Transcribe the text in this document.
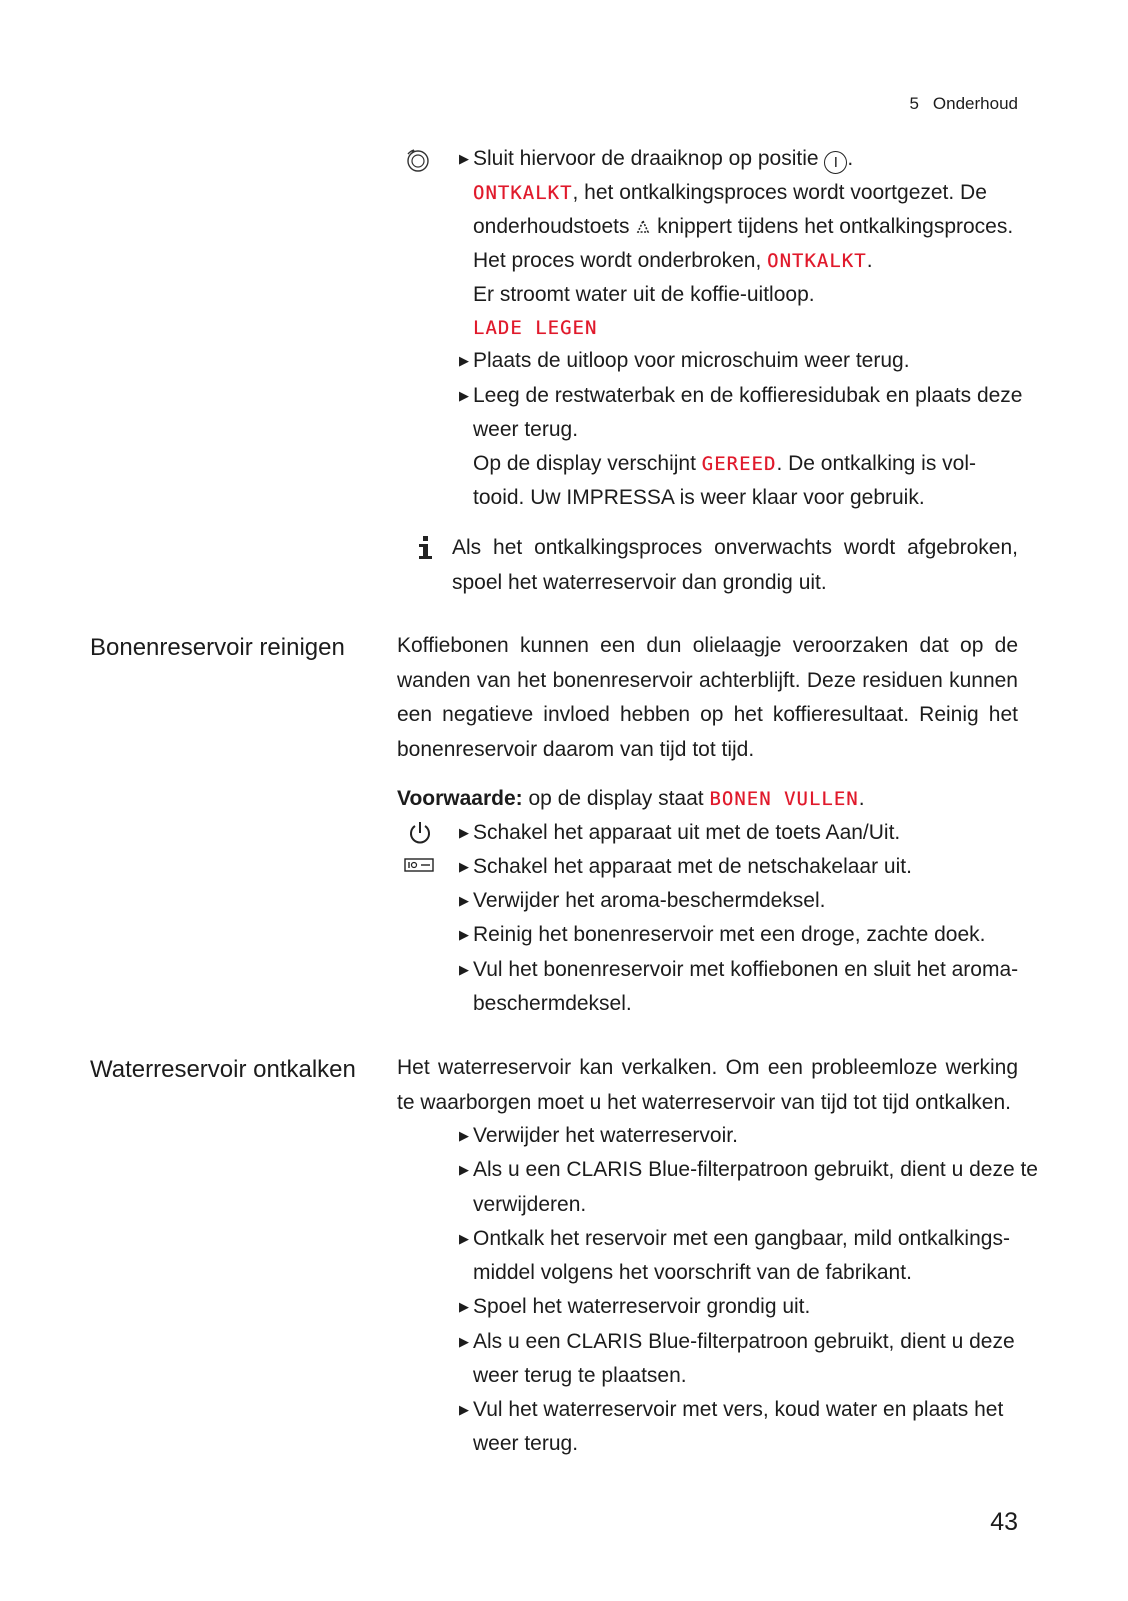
5 Onderhoud
▶ Sluit hiervoor de draaiknop op positie I .
ONTKALKT, het ontkalkingsproces wordt voortgezet. De
onderhoudstoets knippert tijdens het ontkalkingsproces.
Het proces wordt onderbroken, ONTKALKT.
Er stroomt water uit de koffie-uitloop.
LADE LEGEN
▶ Plaats de uitloop voor microschuim weer terug.
▶ Leeg de restwaterbak en de koffieresidubak en plaats deze
weer terug.
Op de display verschijnt GEREED. De ontkalking is vol-
tooid. Uw IMPRESSA is weer klaar voor gebruik.
Als het ontkalkingsproces onverwachts wordt afgebroken, spoel het waterreservoir dan grondig uit.
Bonenreservoir reinigen Koffiebonen kunnen een dun olielaagje veroorzaken dat op de wanden van het bonenreservoir achterblijft. Deze residuen kunnen een negatieve invloed hebben op het koffieresultaat. Reinig het bonenreservoir daarom van tijd tot tijd.
Voorwaarde: op de display staat BONEN VULLEN.
▶ Schakel het apparaat uit met de toets Aan/Uit.
▶ Schakel het apparaat met de netschakelaar uit.
▶ Verwijder het aroma-beschermdeksel.
▶ Reinig het bonenreservoir met een droge, zachte doek.
▶ Vul het bonenreservoir met koffiebonen en sluit het aroma-
beschermdeksel.
Waterreservoir ontkalken Het waterreservoir kan verkalken. Om een probleemloze werking te waarborgen moet u het waterreservoir van tijd tot tijd ontkalken.
▶ Verwijder het waterreservoir.
▶ Als u een CLARIS Blue-filterpatroon gebruikt, dient u deze te
verwijderen.
▶ Ontkalk het reservoir met een gangbaar, mild ontkalkings-
middel volgens het voorschrift van de fabrikant.
▶ Spoel het waterreservoir grondig uit.
▶ Als u een CLARIS Blue-filterpatroon gebruikt, dient u deze
weer terug te plaatsen.
▶ Vul het waterreservoir met vers, koud water en plaats het
weer terug.
43
